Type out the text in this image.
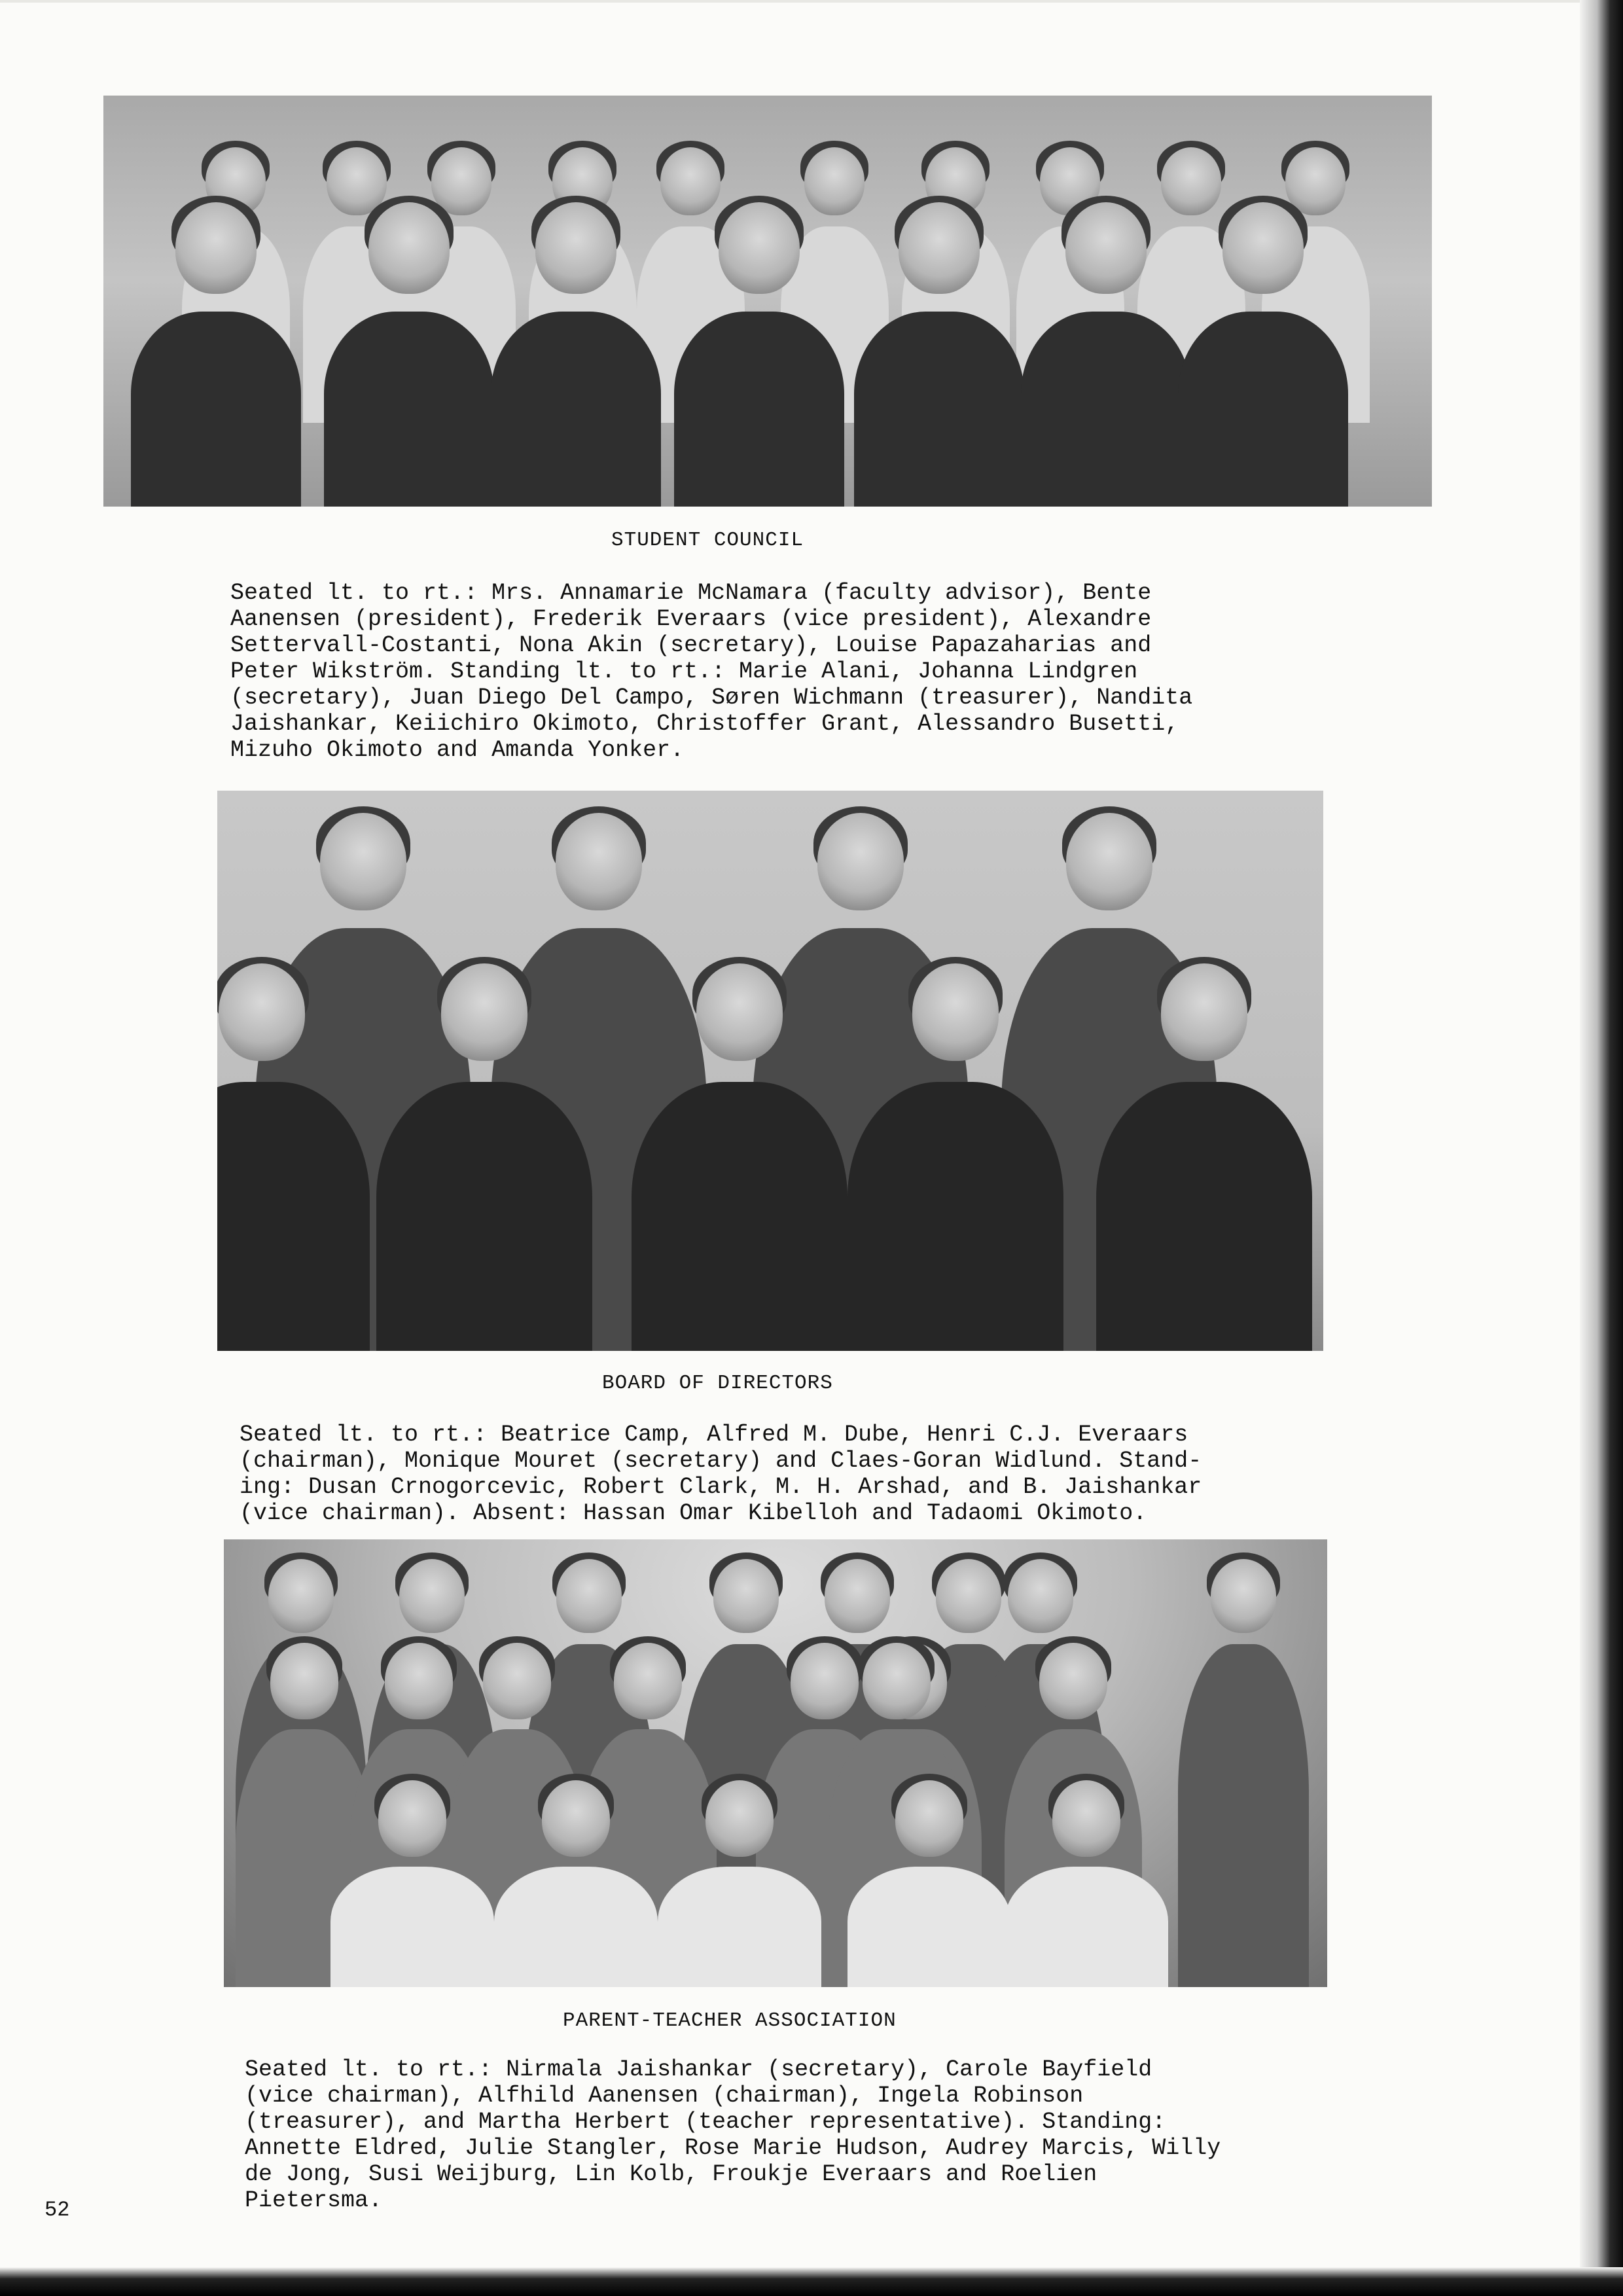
STUDENT COUNCIL
Seated lt. to rt.: Mrs. Annamarie McNamara (faculty advisor), Bente
Aanensen (president), Frederik Everaars (vice president), Alexandre
Settervall-Costanti, Nona Akin (secretary), Louise Papazaharias and
Peter Wikström. Standing lt. to rt.: Marie Alani, Johanna Lindgren
(secretary), Juan Diego Del Campo, Søren Wichmann (treasurer), Nandita
Jaishankar, Keiichiro Okimoto, Christoffer Grant, Alessandro Busetti,
Mizuho Okimoto and Amanda Yonker.
BOARD OF DIRECTORS
Seated lt. to rt.: Beatrice Camp, Alfred M. Dube, Henri C.J. Everaars
(chairman), Monique Mouret (secretary) and Claes-Goran Widlund. Stand-
ing: Dusan Crnogorcevic, Robert Clark, M. H. Arshad, and B. Jaishankar
(vice chairman). Absent: Hassan Omar Kibelloh and Tadaomi Okimoto.
PARENT-TEACHER ASSOCIATION
Seated lt. to rt.: Nirmala Jaishankar (secretary), Carole Bayfield
(vice chairman), Alfhild Aanensen (chairman), Ingela Robinson
(treasurer), and Martha Herbert (teacher representative). Standing:
Annette Eldred, Julie Stangler, Rose Marie Hudson, Audrey Marcis, Willy
de Jong, Susi Weijburg, Lin Kolb, Froukje Everaars and Roelien
Pietersma.
52
